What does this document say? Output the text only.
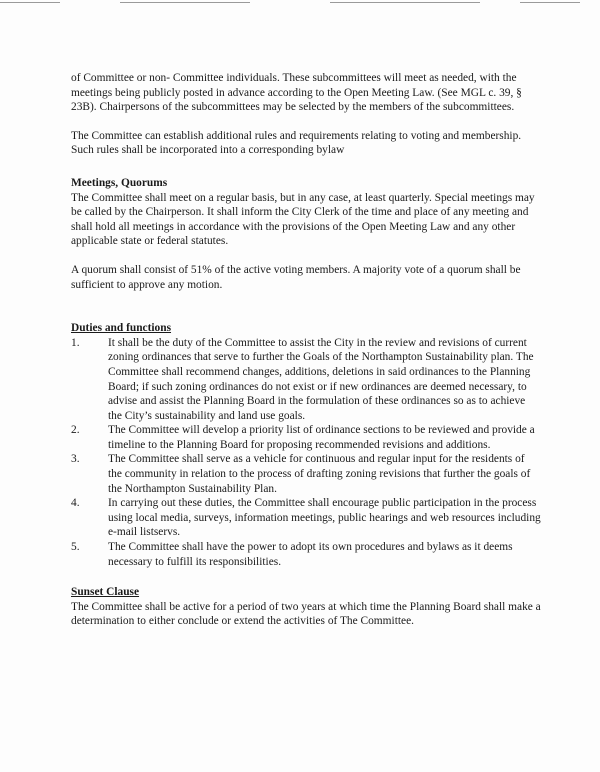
of Committee or non- Committee individuals. These subcommittees will meet as needed, with the meetings being publicly posted in advance according to the Open Meeting Law. (See MGL c. 39, § 23B). Chairpersons of the subcommittees may be selected by the members of the subcommittees.

The Committee can establish additional rules and requirements relating to voting and membership. Such rules shall be incorporated into a corresponding bylaw

Meetings, Quorums

The Committee shall meet on a regular basis, but in any case, at least quarterly. Special meetings may be called by the Chairperson. It shall inform the City Clerk of the time and place of any meeting and shall hold all meetings in accordance with the provisions of the Open Meeting Law and any other applicable state or federal statutes.

A quorum shall consist of 51% of the active voting members. A majority vote of a quorum shall be sufficient to approve any motion.

Duties and functions

1.	It shall be the duty of the Committee to assist the City in the review and revisions of current zoning ordinances that serve to further the Goals of the Northampton Sustainability plan. The Committee shall recommend changes, additions, deletions in said ordinances to the Planning Board; if such zoning ordinances do not exist or if new ordinances are deemed necessary, to advise and assist the Planning Board in the formulation of these ordinances so as to achieve the City’s sustainability and land use goals.
2.	The Committee will develop a priority list of ordinance sections to be reviewed and provide a timeline to the Planning Board for proposing recommended revisions and additions.
3.	The Committee shall serve as a vehicle for continuous and regular input for the residents of the community in relation to the process of drafting zoning revisions that further the goals of the Northampton Sustainability Plan.
4.	In carrying out these duties, the Committee shall encourage public participation in the process using local media, surveys, information meetings, public hearings and web resources including e-mail listservs.
5.	The Committee shall have the power to adopt its own procedures and bylaws as it deems necessary to fulfill its responsibilities.

Sunset Clause

The Committee shall be active for a period of two years at which time the Planning Board shall make a determination to either conclude or extend the activities of The Committee.
